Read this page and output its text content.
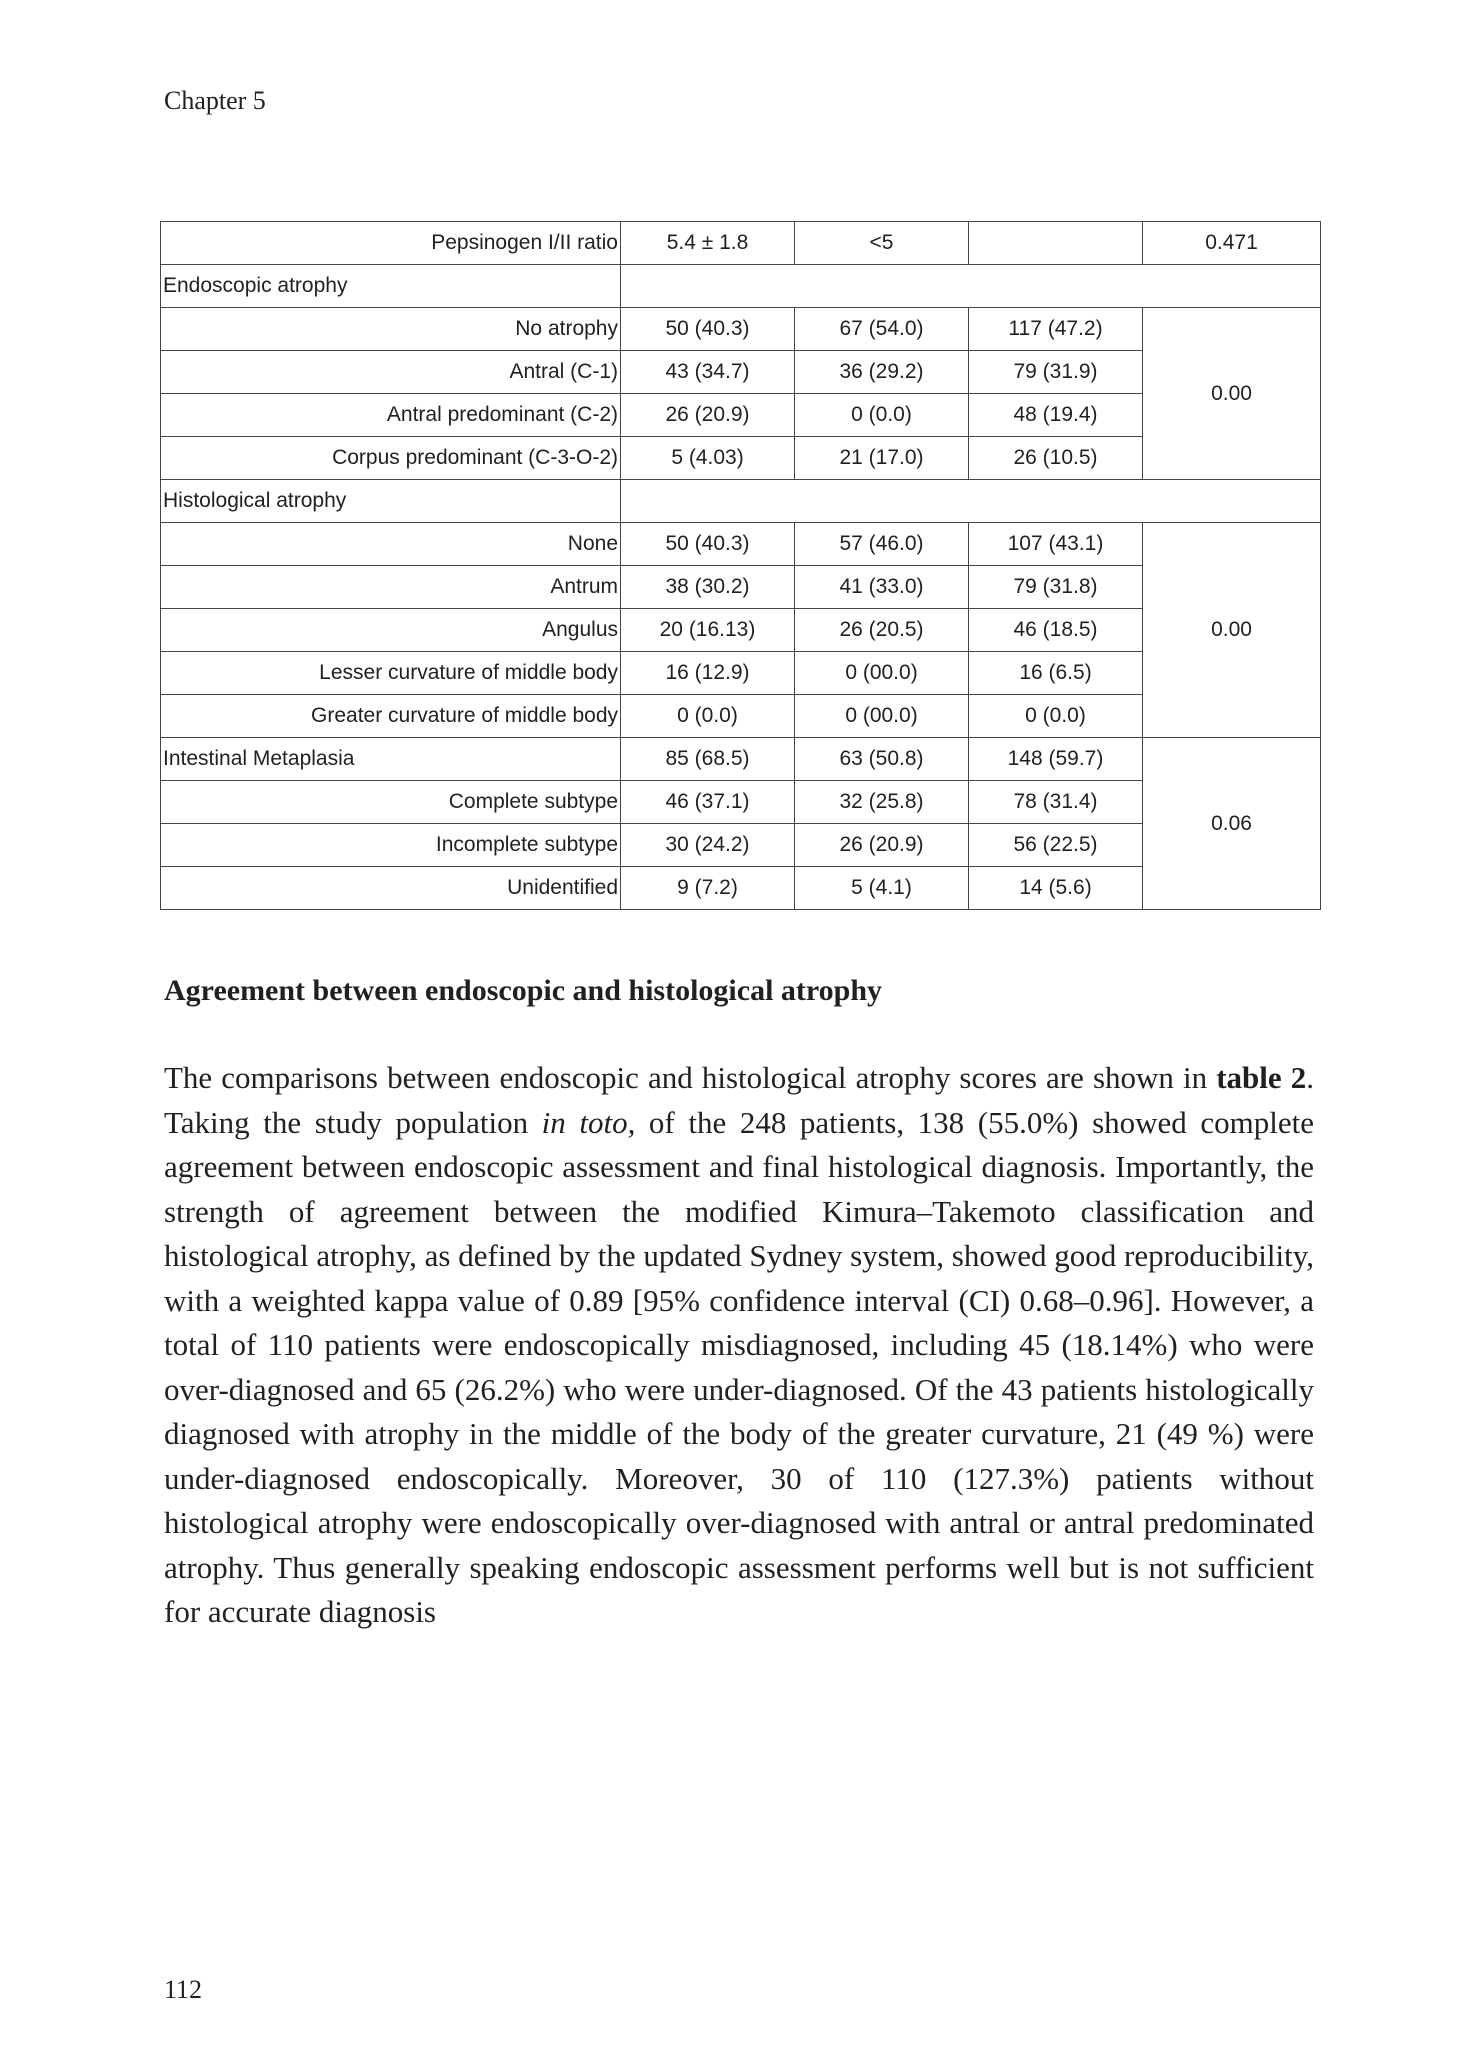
Chapter 5
Pepsinogen I/II ratio	5.4 ± 1.8	<5		0.471
Endoscopic atrophy				
No atrophy	50 (40.3)	67 (54.0)	117 (47.2)	0.00
Antral (C-1)	43 (34.7)	36 (29.2)	79 (31.9)	
Antral predominant (C-2)	26 (20.9)	0 (0.0)	48 (19.4)	
Corpus predominant (C-3-O-2)	5 (4.03)	21 (17.0)	26 (10.5)	
Histological atrophy				
None	50 (40.3)	57 (46.0)	107 (43.1)	0.00
Antrum	38 (30.2)	41 (33.0)	79 (31.8)	
Angulus	20 (16.13)	26 (20.5)	46 (18.5)	
Lesser curvature of middle body	16 (12.9)	0 (00.0)	16 (6.5)	
Greater curvature of middle body	0 (0.0)	0 (00.0)	0 (0.0)	
Intestinal Metaplasia	85 (68.5)	63 (50.8)	148 (59.7)	0.06
Complete subtype	46 (37.1)	32 (25.8)	78 (31.4)	
Incomplete subtype	30 (24.2)	26 (20.9)	56 (22.5)	
Unidentified	9 (7.2)	5 (4.1)	14 (5.6)	
Agreement between endoscopic and histological atrophy

The comparisons between endoscopic and histological atrophy scores are shown in table 2. Taking the study population in toto, of the 248 patients, 138 (55.0%) showed complete agreement between endoscopic assessment and final histological diagnosis. Importantly, the strength of agreement between the modified Kimura–Takemoto classification and histological atrophy, as defined by the updated Sydney system, showed good reproducibility, with a weighted kappa value of 0.89 [95% confidence interval (CI) 0.68–0.96]. However, a total of 110 patients were endoscopically misdiagnosed, including 45 (18.14%) who were over-diagnosed and 65 (26.2%) who were under-diagnosed. Of the 43 patients histologically diagnosed with atrophy in the middle of the body of the greater curvature, 21 (49 %) were under-diagnosed endoscopically. Moreover, 30 of 110 (127.3%) patients without histological atrophy were endoscopically over-diagnosed with antral or antral predominated atrophy. Thus generally speaking endoscopic assessment performs well but is not sufficient for accurate diagnosis

112
